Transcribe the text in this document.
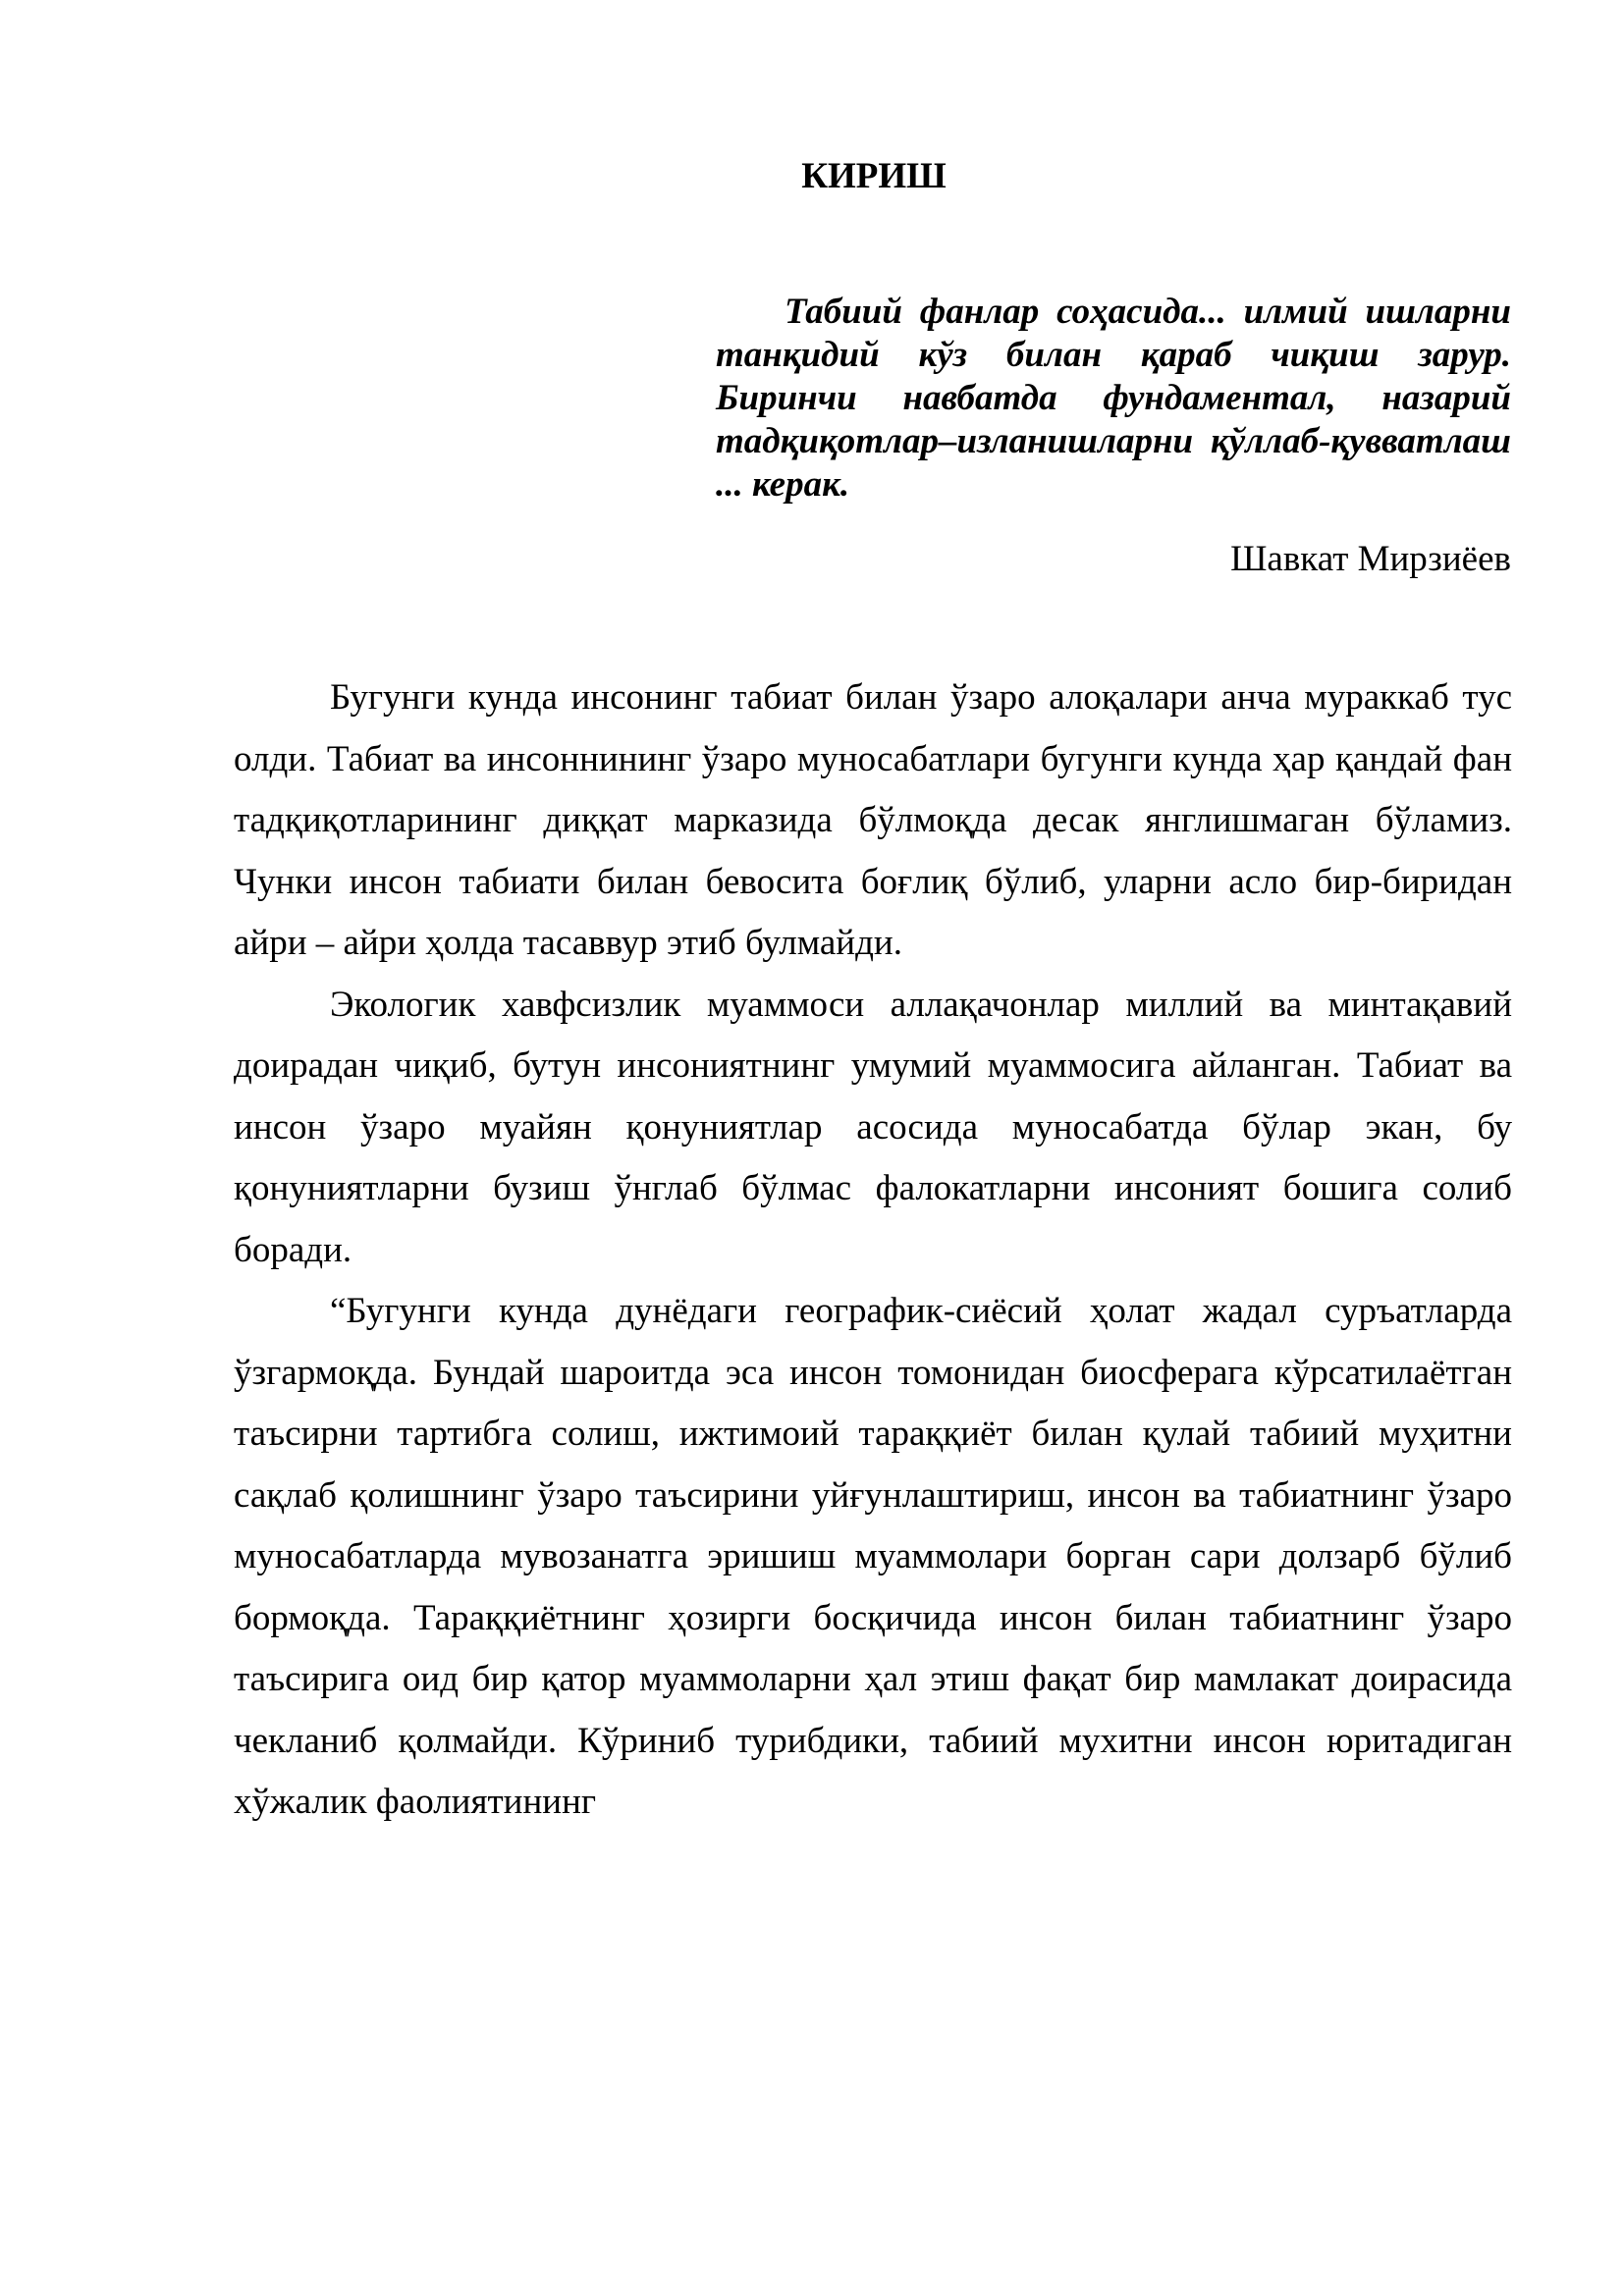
КИРИШ

Табиий фанлар соҳасида... илмий ишларни танқидий кўз билан қараб чиқиш зарур. Биринчи навбатда фундаментал, назарий тадқиқотлар–изланишларни қўллаб-қувватлаш ... керак.

Шавкат Мирзиёев

Бугунги кунда инсонинг табиат билан ўзаро алоқалари анча мураккаб тус олди. Табиат ва инсоннининг ўзаро муносабатлари бугунги кунда ҳар қандай фан тадқиқотларининг диққат марказида бўлмоқда десак янглишмаган бўламиз. Чунки инсон табиати билан бевосита боғлиқ бўлиб, уларни асло бир-биридан айри – айри ҳолда тасаввур этиб булмайди.

Экологик хавфсизлик муаммоси аллақачонлар миллий ва минтақавий доирадан чиқиб, бутун инсониятнинг умумий муаммосига айланган. Табиат ва инсон ўзаро муайян қонуниятлар асосида муносабатда бўлар экан, бу қонуниятларни бузиш ўнглаб бўлмас фалокатларни инсоният бошига солиб боради.

“Бугунги кунда дунёдаги географик-сиёсий ҳолат жадал суръатларда ўзгармоқда. Бундай шароитда эса инсон томонидан биосферага кўрсатилаётган таъсирни тартибга солиш, ижтимоий тараққиёт билан қулай табиий муҳитни сақлаб қолишнинг ўзаро таъсирини уйғунлаштириш, инсон ва табиатнинг ўзаро муносабатларда мувозанатга эришиш муаммолари борган сари долзарб бўлиб бормоқда. Тараққиётнинг ҳозирги босқичида инсон билан табиатнинг ўзаро таъсирига оид бир қатор муаммоларни ҳал этиш фақат бир мамлакат доирасида чекланиб қолмайди. Кўриниб турибдики, табиий мухитни инсон юритадиган хўжалик фаолиятининг
